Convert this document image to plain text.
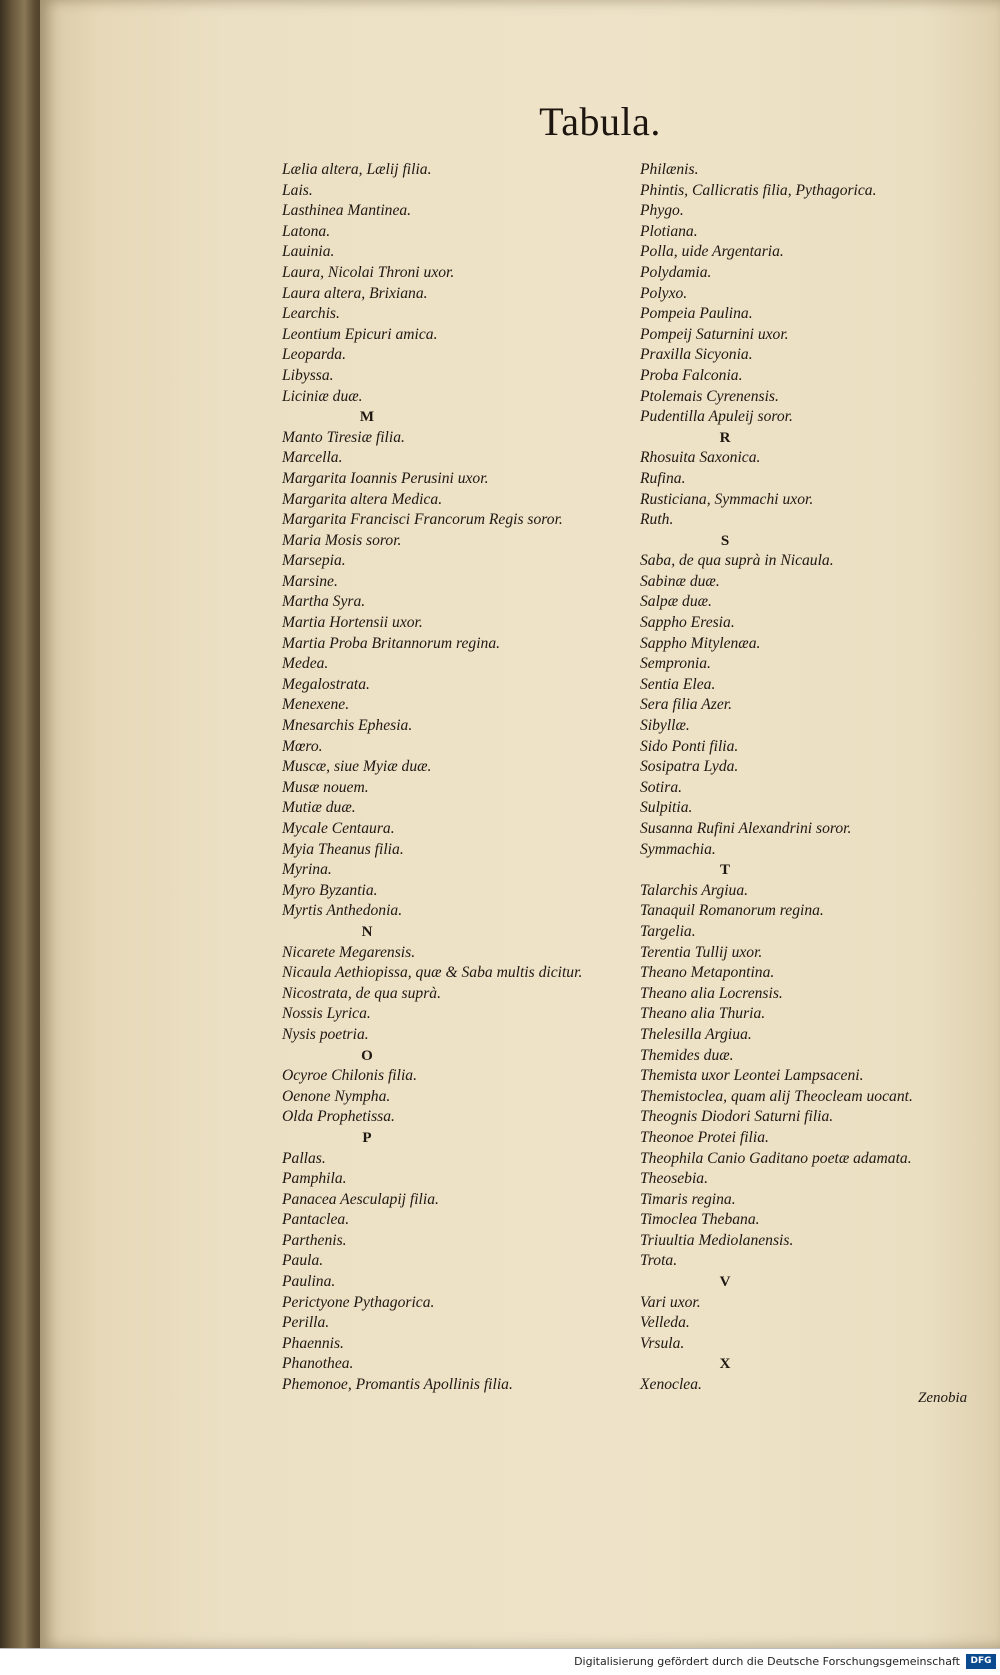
Tabula.
Lælia altera, Lælij filia.
Lais.
Lasthinea Mantinea.
Latona.
Lauinia.
Laura, Nicolai Throni uxor.
Laura altera, Brixiana.
Learchis.
Leontium Epicuri amica.
Leoparda.
Libyssa.
Liciniæ duæ.
M
Manto Tiresiæ filia.
Marcella.
Margarita Ioannis Perusini uxor.
Margarita altera Medica.
Margarita Francisci Francorum Regis soror.
Maria Mosis soror.
Marsepia.
Marsine.
Martha Syra.
Martia Hortensii uxor.
Martia Proba Britannorum regina.
Medea.
Megalostrata.
Menexene.
Mnesarchis Ephesia.
Mœro.
Muscæ, siue Myiæ duæ.
Musæ nouem.
Mutiæ duæ.
Mycale Centaura.
Myia Theanus filia.
Myrina.
Myro Byzantia.
Myrtis Anthedonia.
N
Nicarete Megarensis.
Nicaula Aethiopissa, quæ & Saba multis dicitur.
Nicostrata, de qua suprà.
Nossis Lyrica.
Nysis poetria.
O
Ocyroe Chilonis filia.
Oenone Nympha.
Olda Prophetissa.
P
Pallas.
Pamphila.
Panacea Aesculapij filia.
Pantaclea.
Parthenis.
Paula.
Paulina.
Perictyone Pythagorica.
Perilla.
Phaennis.
Phanothea.
Phemonoe, Promantis Apollinis filia.
Philænis.
Phintis, Callicratis filia, Pythagorica.
Phygo.
Plotiana.
Polla, uide Argentaria.
Polydamia.
Polyxo.
Pompeia Paulina.
Pompeij Saturnini uxor.
Praxilla Sicyonia.
Proba Falconia.
Ptolemais Cyrenensis.
Pudentilla Apuleij soror.
R
Rhosuita Saxonica.
Rufina.
Rusticiana, Symmachi uxor.
Ruth.
S
Saba, de qua suprà in Nicaula.
Sabinæ duæ.
Salpæ duæ.
Sappho Eresia.
Sappho Mitylenæa.
Sempronia.
Sentia Elea.
Sera filia Azer.
Sibyllæ.
Sido Ponti filia.
Sosipatra Lyda.
Sotira.
Sulpitia.
Susanna Rufini Alexandrini soror.
Symmachia.
T
Talarchis Argiua.
Tanaquil Romanorum regina.
Targelia.
Terentia Tullij uxor.
Theano Metapontina.
Theano alia Locrensis.
Theano alia Thuria.
Thelesilla Argiua.
Themides duæ.
Themista uxor Leontei Lampsaceni.
Themistoclea, quam alij Theocleam uocant.
Theognis Diodori Saturni filia.
Theonoe Protei filia.
Theophila Canio Gaditano poetæ adamata.
Theosebia.
Timaris regina.
Timoclea Thebana.
Triuultia Mediolanensis.
Trota.
V
Vari uxor.
Velleda.
Vrsula.
X
Xenoclea.
Zenobia
Digitalisierung gefördert durch die Deutsche Forschungsgemeinschaft	DFG
